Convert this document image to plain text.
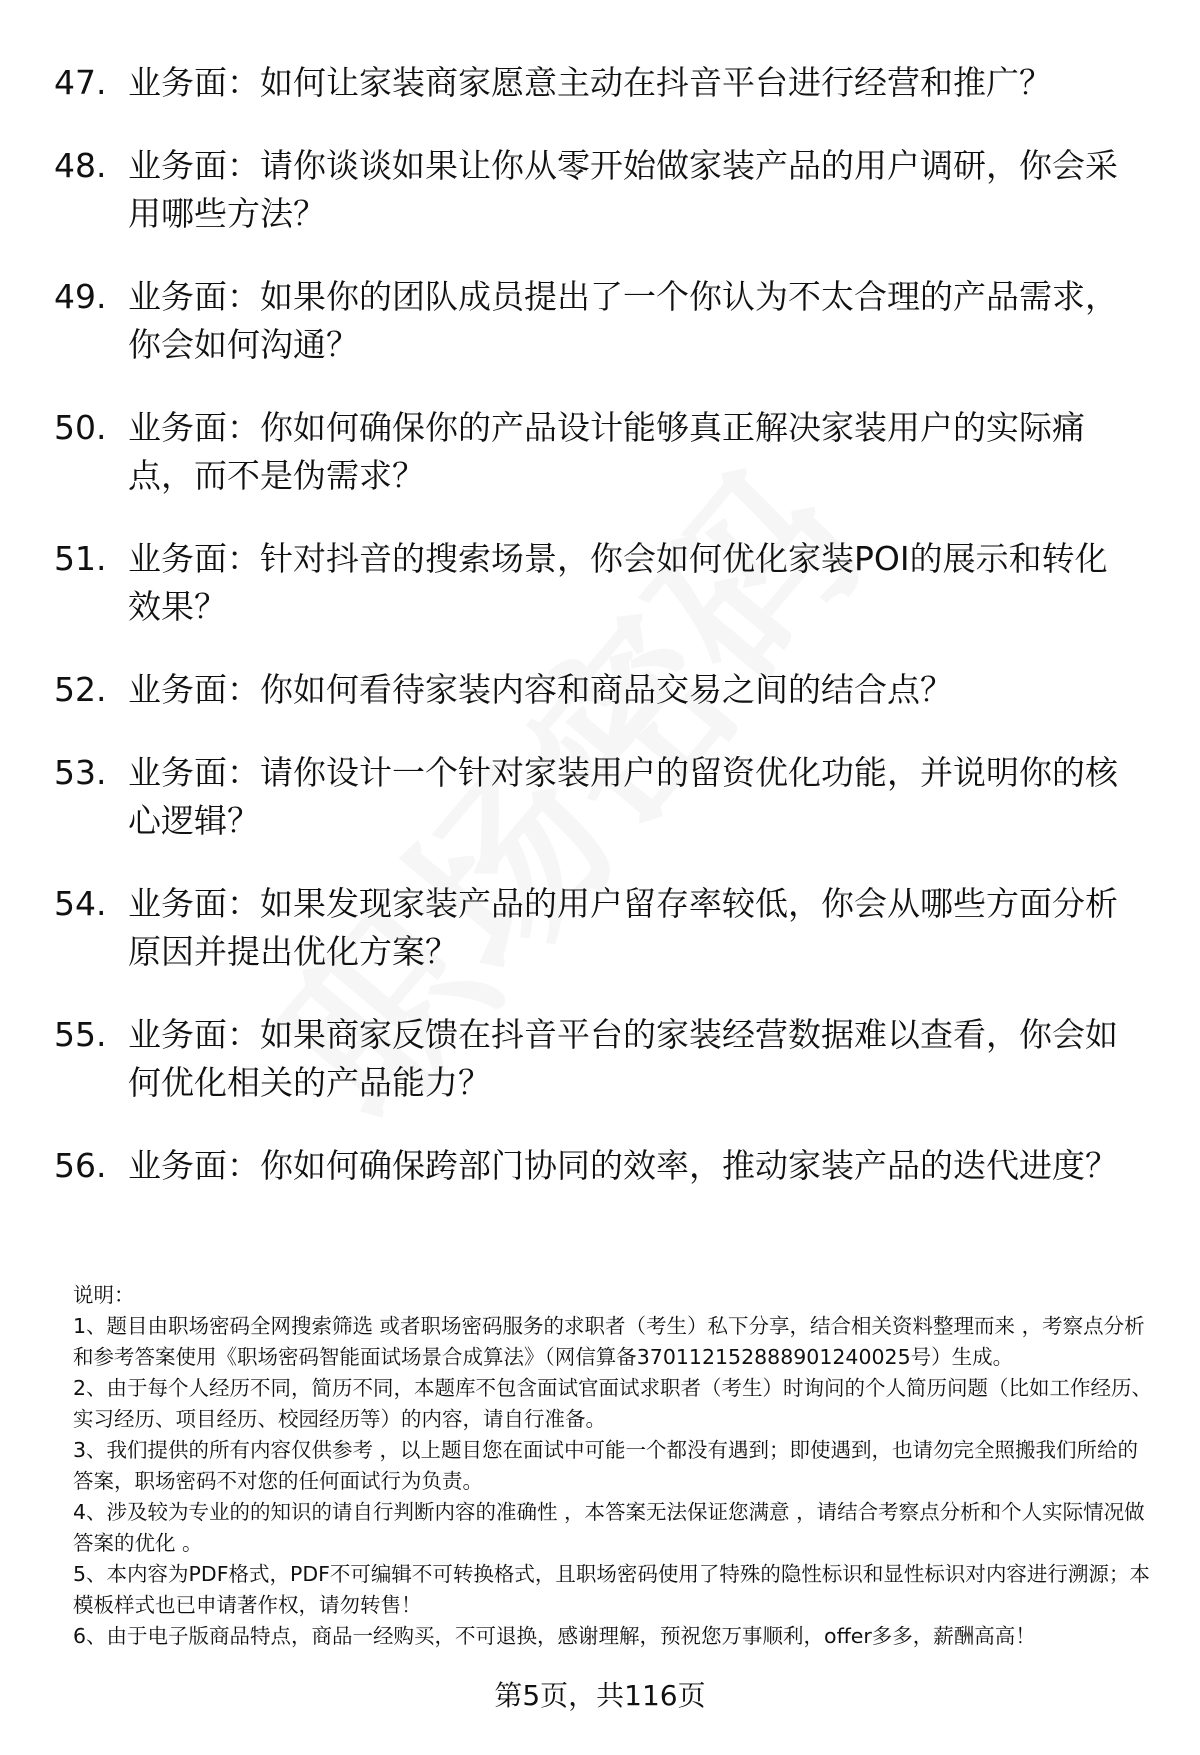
47. 业务面：如何让家装商家愿意主动在抖音平台进行经营和推广？
48. 业务面：请你谈谈如果让你从零开始做家装产品的用户调研，你会采用哪些方法？
49. 业务面：如果你的团队成员提出了一个你认为不太合理的产品需求，你会如何沟通？
50. 业务面：你如何确保你的产品设计能够真正解决家装用户的实际痛点，而不是伪需求？
51. 业务面：针对抖音的搜索场景，你会如何优化家装POI的展示和转化效果？
52. 业务面：你如何看待家装内容和商品交易之间的结合点？
53. 业务面：请你设计一个针对家装用户的留资优化功能，并说明你的核心逻辑？
54. 业务面：如果发现家装产品的用户留存率较低，你会从哪些方面分析原因并提出优化方案？
55. 业务面：如果商家反馈在抖音平台的家装经营数据难以查看，你会如何优化相关的产品能力？
56. 业务面：你如何确保跨部门协同的效率，推动家装产品的迭代进度？
说明：
1、题目由职场密码全网搜索筛选 或者职场密码服务的求职者（考生）私下分享，结合相关资料整理而来 ，考察点分析和参考答案使用《职场密码智能面试场景合成算法》（网信算备370112152888901240025号）生成。
2、由于每个人经历不同，简历不同，本题库不包含面试官面试求职者（考生）时询问的个人简历问题（比如工作经历、实习经历、项目经历、校园经历等）的内容，请自行准备。
3、我们提供的所有内容仅供参考 ，以上题目您在面试中可能一个都没有遇到；即使遇到，也请勿完全照搬我们所给的答案，职场密码不对您的任何面试行为负责。
4、涉及较为专业的的知识的请自行判断内容的准确性 ，本答案无法保证您满意 ，请结合考察点分析和个人实际情况做答案的优化 。
5、本内容为PDF格式，PDF不可编辑不可转换格式，且职场密码使用了特殊的隐性标识和显性标识对内容进行溯源；本模板样式也已申请著作权，请勿转售！
6、由于电子版商品特点，商品一经购买，不可退换，感谢理解，预祝您万事顺利，offer多多，薪酬高高！
第5页，共116页
